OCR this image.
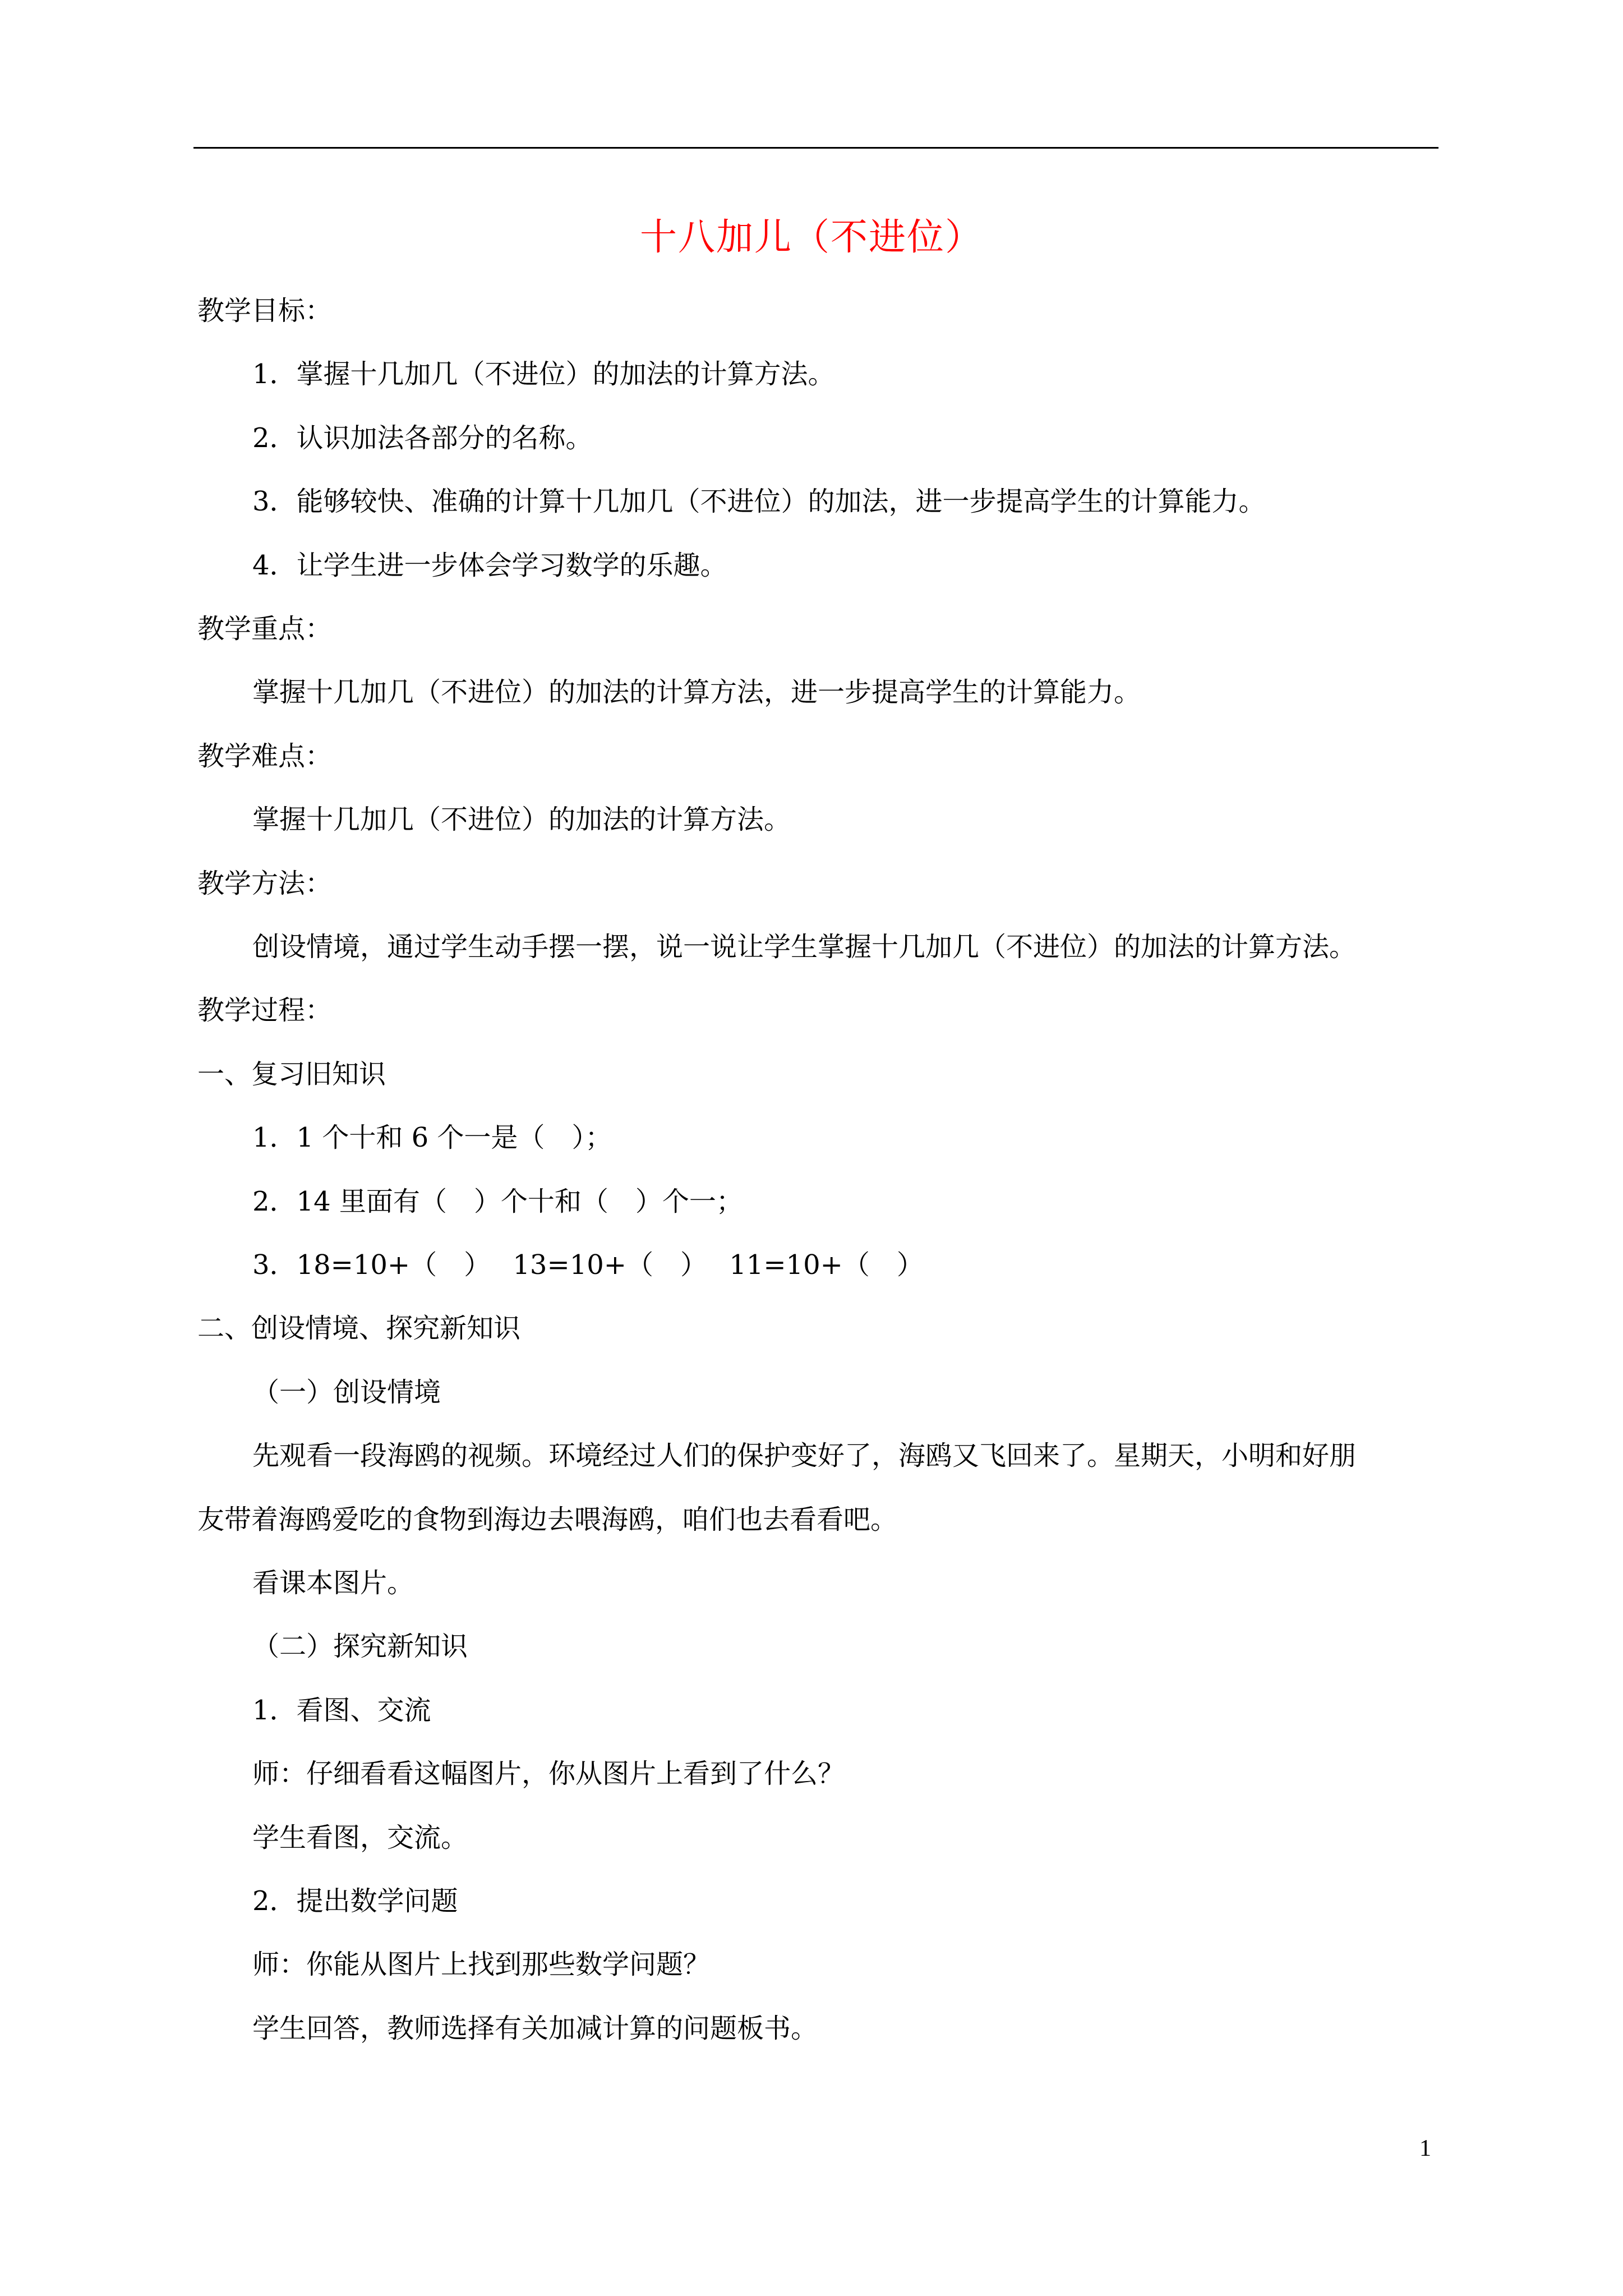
十八加儿（不进位）
教学目标：
1．掌握十几加几（不进位）的加法的计算方法。
2．认识加法各部分的名称。
3．能够较快、准确的计算十几加几（不进位）的加法，进一步提高学生的计算能力。
4．让学生进一步体会学习数学的乐趣。
教学重点：
掌握十几加几（不进位）的加法的计算方法，进一步提高学生的计算能力。
教学难点：
掌握十几加几（不进位）的加法的计算方法。
教学方法：
创设情境，通过学生动手摆一摆，说一说让学生掌握十几加几（不进位）的加法的计算方法。
教学过程：
一、复习旧知识
1．1 个十和 6 个一是（　）；
2．14 里面有（　）个十和（　）个一；
3．18=10+（　）　 13=10+（　）　 11=10+（　）
二、创设情境、探究新知识
（一）创设情境
先观看一段海鸥的视频。环境经过人们的保护变好了，海鸥又飞回来了。星期天，小明和好朋
友带着海鸥爱吃的食物到海边去喂海鸥，咱们也去看看吧。
看课本图片。
（二）探究新知识
1．看图、交流
师：仔细看看这幅图片，你从图片上看到了什么？
学生看图，交流。
2．提出数学问题
师：你能从图片上找到那些数学问题？
学生回答，教师选择有关加减计算的问题板书。
1
